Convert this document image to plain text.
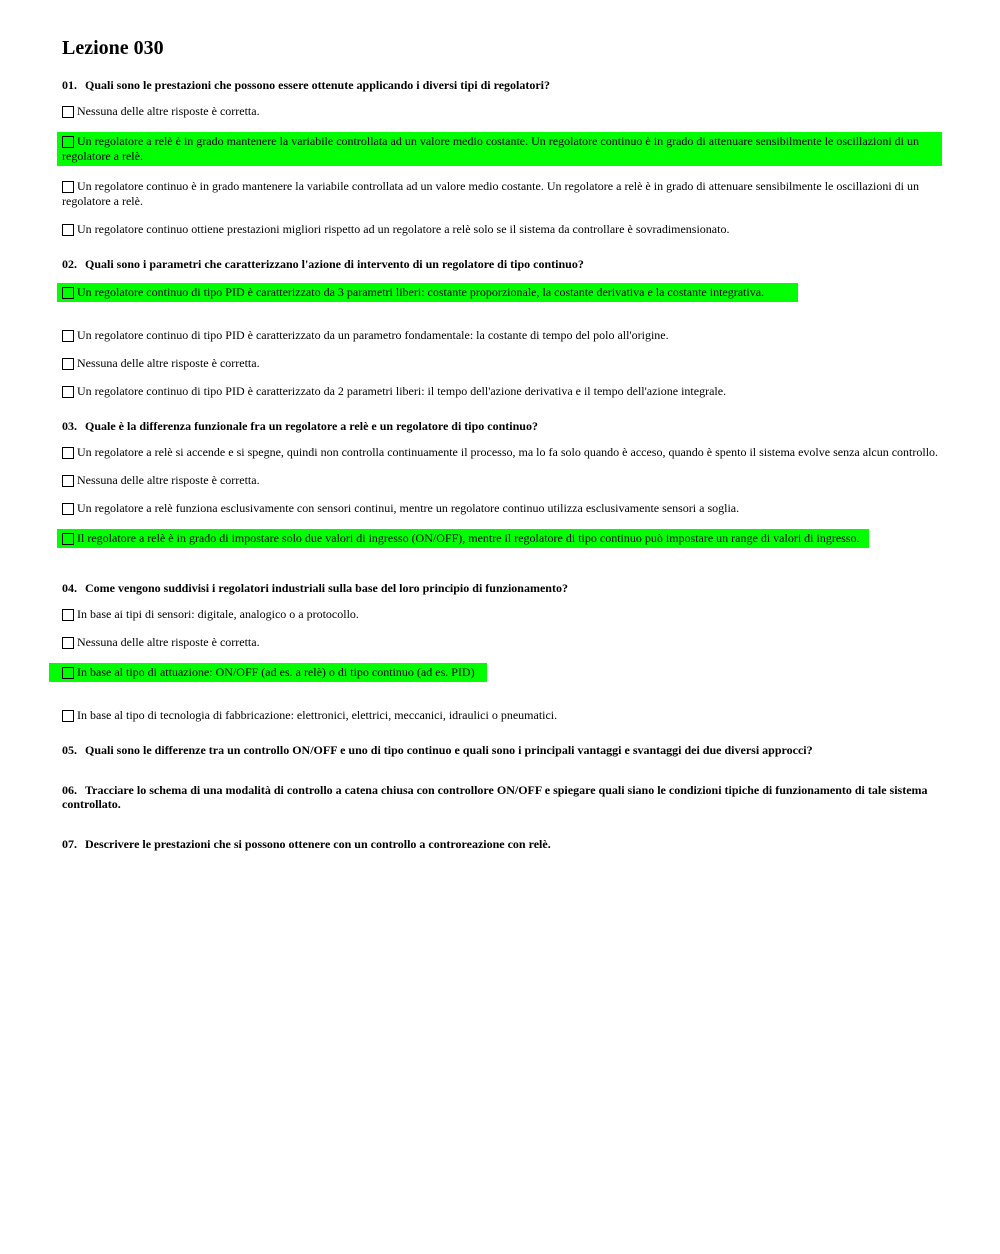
Lezione 030

01. Quali sono le prestazioni che possono essere ottenute applicando i diversi tipi di regolatori?

Nessuna delle altre risposte è corretta.
Un regolatore a relè è in grado mantenere la variabile controllata ad un valore medio costante. Un regolatore continuo è in grado di attenuare sensibilmente le oscillazioni di un regolatore a relè.
Un regolatore continuo è in grado mantenere la variabile controllata ad un valore medio costante. Un regolatore a relè è in grado di attenuare sensibilmente le oscillazioni di un regolatore a relè.
Un regolatore continuo ottiene prestazioni migliori rispetto ad un regolatore a relè solo se il sistema da controllare è sovradimensionato.

02. Quali sono i parametri che caratterizzano l'azione di intervento di un regolatore di tipo continuo?

Un regolatore continuo di tipo PID è caratterizzato da 3 parametri liberi: costante proporzionale, la costante derivativa e la costante integrativa.
Un regolatore continuo di tipo PID è caratterizzato da un parametro fondamentale: la costante di tempo del polo all'origine.
Nessuna delle altre risposte è corretta.
Un regolatore continuo di tipo PID è caratterizzato da 2 parametri liberi: il tempo dell'azione derivativa e il tempo dell'azione integrale.

03. Quale è la differenza funzionale fra un regolatore a relè e un regolatore di tipo continuo?

Un regolatore a relè si accende e si spegne, quindi non controlla continuamente il processo, ma lo fa solo quando è acceso, quando è spento il sistema evolve senza alcun controllo.
Nessuna delle altre risposte è corretta.
Un regolatore a relè funziona esclusivamente con sensori continui, mentre un regolatore continuo utilizza esclusivamente sensori a soglia.
Il regolatore a relè è in grado di impostare solo due valori di ingresso (ON/OFF), mentre il regolatore di tipo continuo può impostare un range di valori di ingresso.

04. Come vengono suddivisi i regolatori industriali sulla base del loro principio di funzionamento?

In base ai tipi di sensori: digitale, analogico o a protocollo.
Nessuna delle altre risposte è corretta.
In base al tipo di attuazione: ON/OFF (ad es. a relè) o di tipo continuo (ad es. PID)
In base al tipo di tecnologia di fabbricazione: elettronici, elettrici, meccanici, idraulici o pneumatici.

05. Quali sono le differenze tra un controllo ON/OFF e uno di tipo continuo e quali sono i principali vantaggi e svantaggi dei due diversi approcci?

06. Tracciare lo schema di una modalità di controllo a catena chiusa con controllore ON/OFF e spiegare quali siano le condizioni tipiche di funzionamento di tale sistema controllato.

07. Descrivere le prestazioni che si possono ottenere con un controllo a controreazione con relè.
